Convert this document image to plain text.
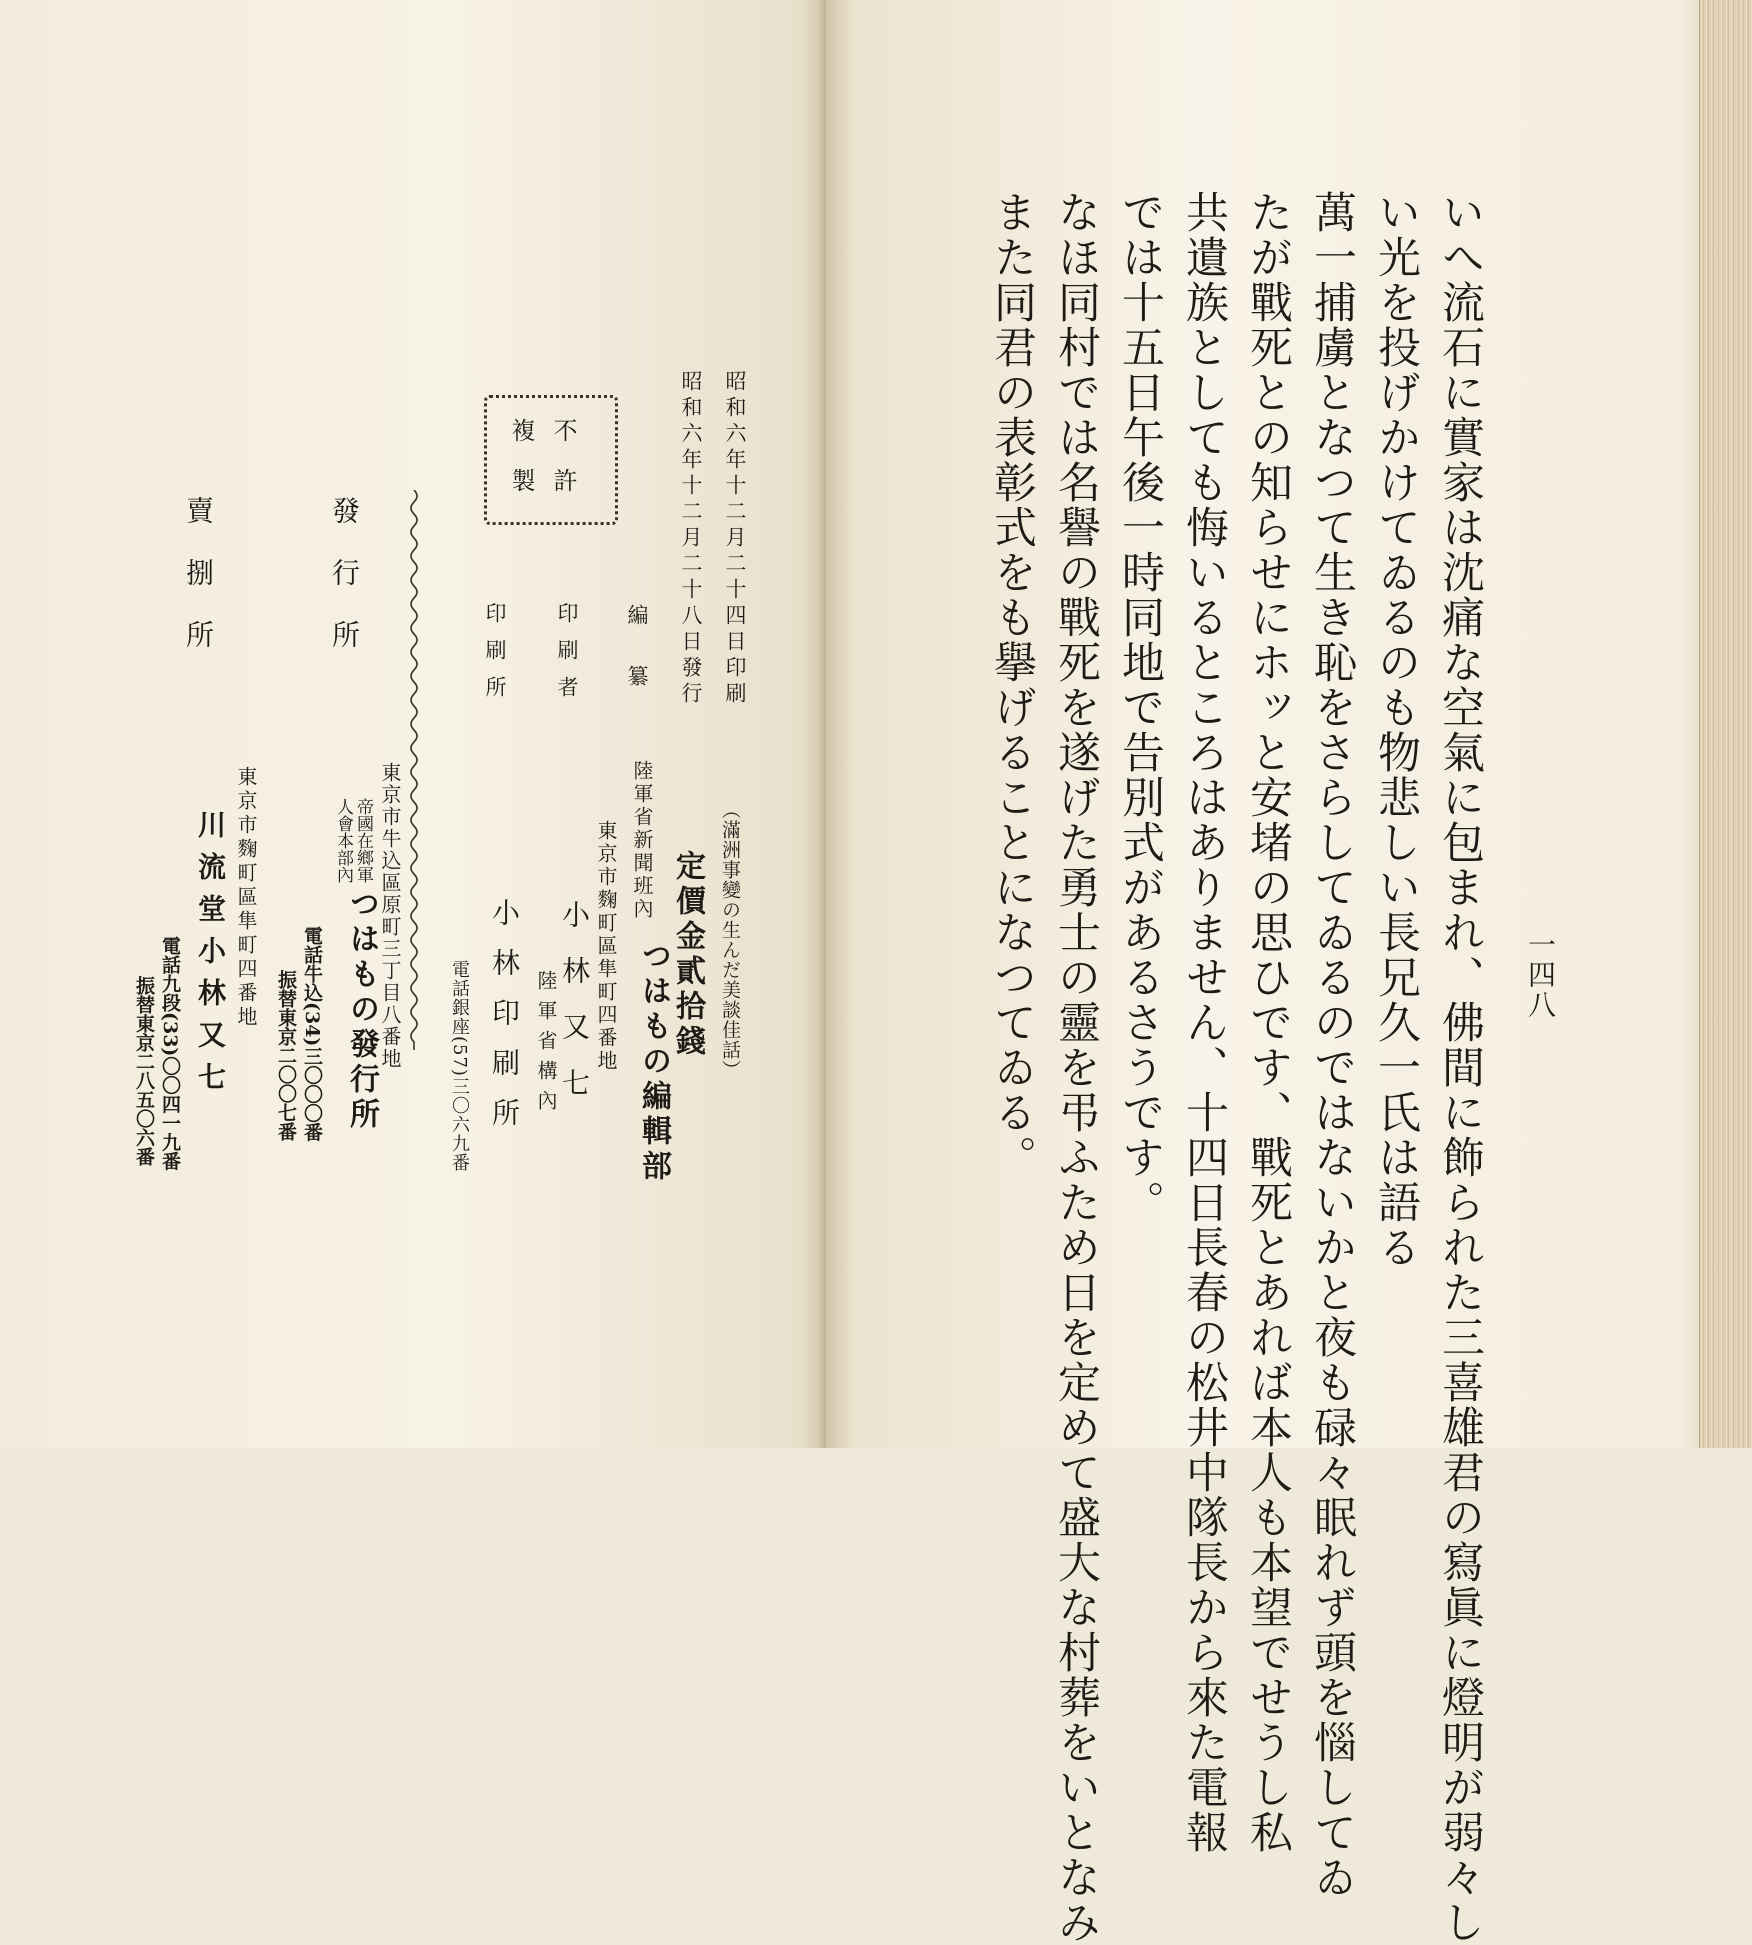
不許
複製	昭和六年十二月二十四日印刷
昭和六年十二月二十八日發行
（滿洲事變の生んだ美談佳話）
定價金貳拾錢
編纂
陸軍省新聞班內
つはもの編輯部
東京市麴町區隼町四番地
印刷者
小林又七
陸軍省構內
印刷所
小林印刷所
電話銀座(57)三〇六九番
發行所
東京市牛込區原町三丁目八番地
帝國在鄉軍
人會本部內
つはもの發行所
電話牛込(34)三〇〇〇番
振替東京二〇〇七番
賣捌所
東京市麴町區隼町四番地
川流堂小林又七
電話九段(33)〇〇四一九番
振替東京二八五〇六番
一四八
いへ流石に實家は沈痛な空氣に包まれ、佛間に飾られた三喜雄君の寫眞に燈明が弱々し
い光を投げかけてゐるのも物悲しい長兄久一氏は語る
萬一捕虜となつて生き恥をさらしてゐるのではないかと夜も碌々眠れず頭を惱してゐ
たが戰死との知らせにホッと安堵の思ひです、戰死とあれば本人も本望でせうし私
共遺族としても悔いるところはありません、十四日長春の松井中隊長から來た電報
では十五日午後一時同地で告別式があるさうです。
なほ同村では名譽の戰死を遂げた勇士の靈を弔ふため日を定めて盛大な村葬をいとなみ
また同君の表彰式をも擧げることになつてゐる。
